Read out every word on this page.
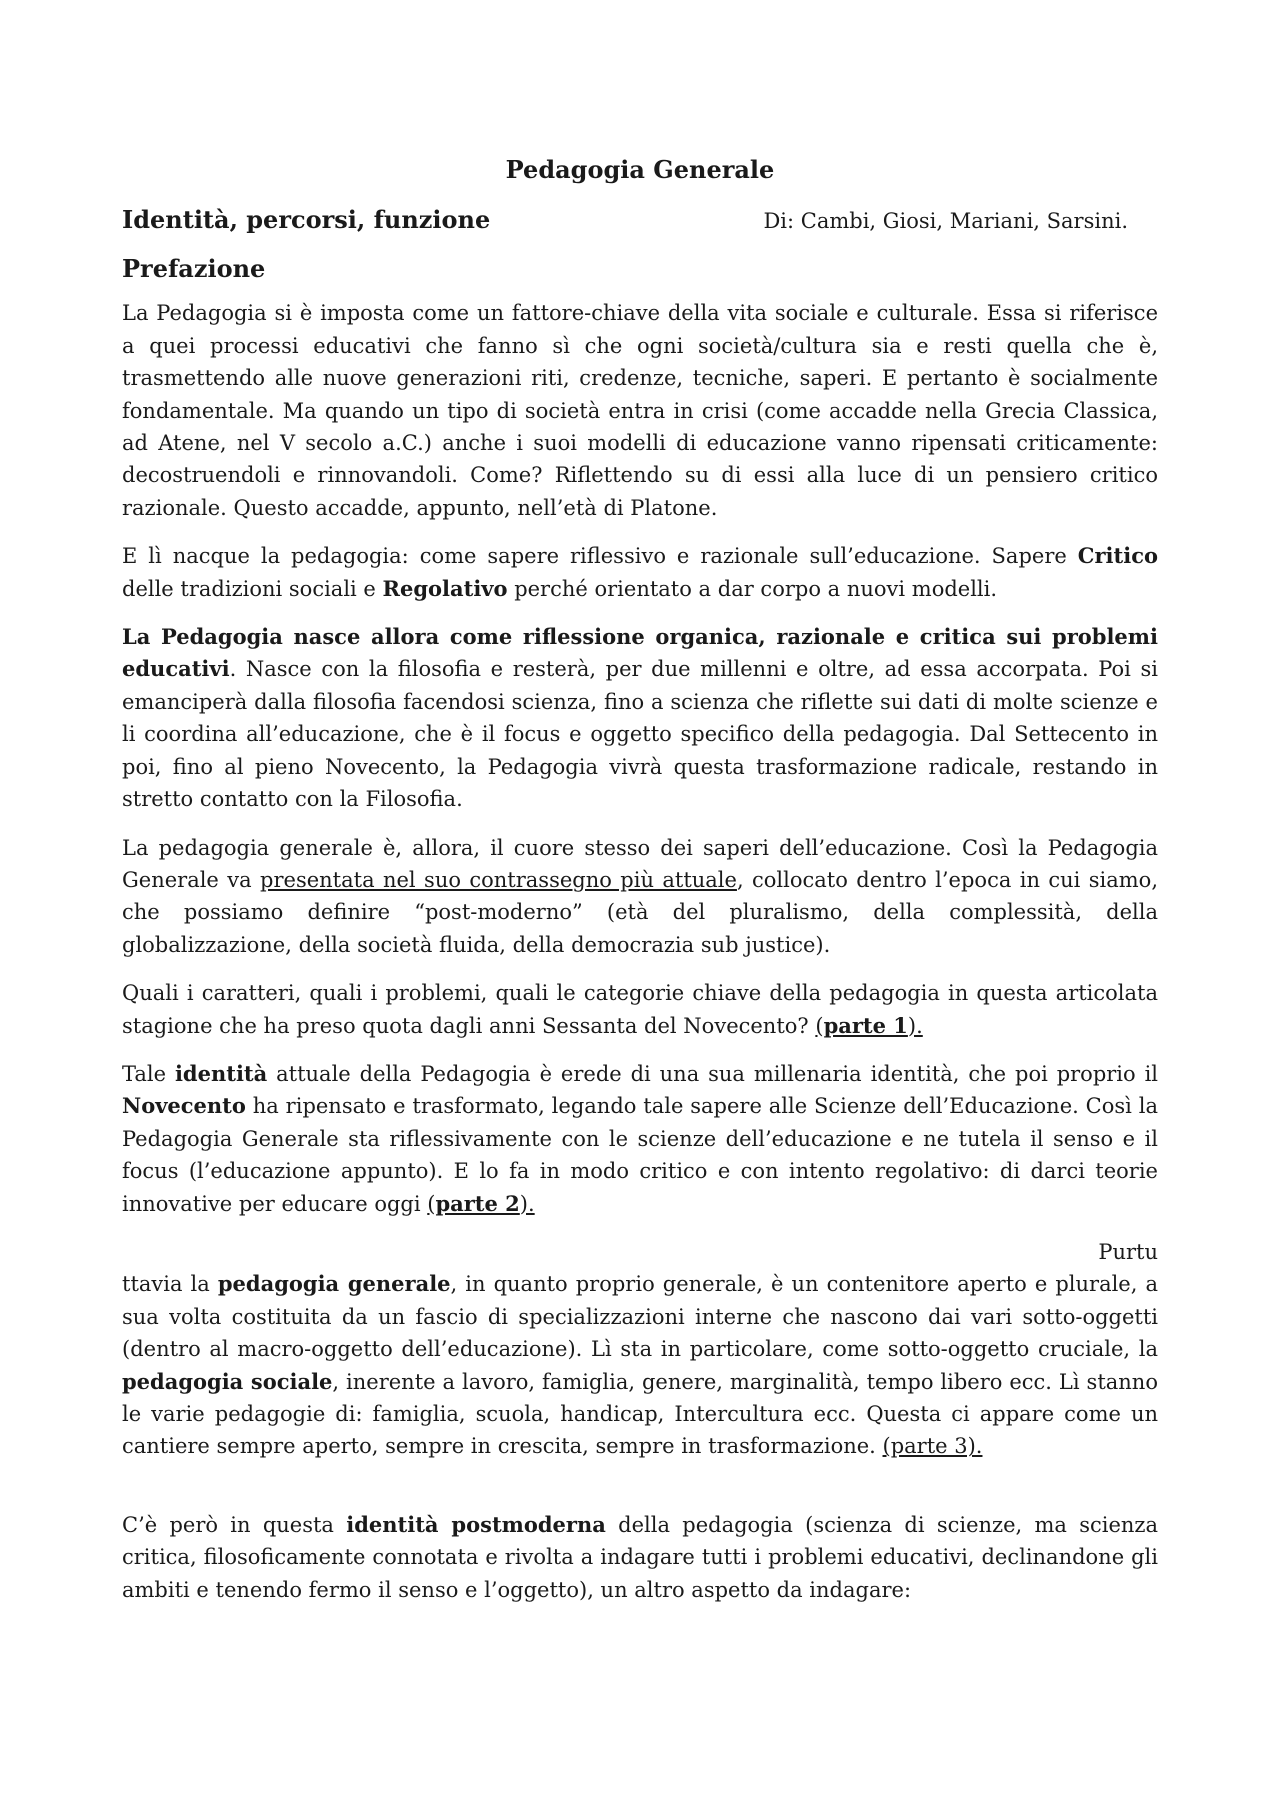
Pedagogia Generale
Identità, percorsi, funzione	Di: Cambi, Giosi, Mariani, Sarsini.
Prefazione

La Pedagogia si è imposta come un fattore-chiave della vita sociale e culturale. Essa si riferisce a quei processi educativi che fanno sì che ogni società/cultura sia e resti quella che è, trasmettendo alle nuove generazioni riti, credenze, tecniche, saperi. E pertanto è socialmente fondamentale. Ma quando un tipo di società entra in crisi (come accadde nella Grecia Classica, ad Atene, nel V secolo a.C.) anche i suoi modelli di educazione vanno ripensati criticamente: decostruendoli e rinnovandoli. Come? Riflettendo su di essi alla luce di un pensiero critico razionale. Questo accadde, appunto, nell’età di Platone.

E lì nacque la pedagogia: come sapere riflessivo e razionale sull’educazione. Sapere Critico delle tradizioni sociali e Regolativo perché orientato a dar corpo a nuovi modelli.

La Pedagogia nasce allora come riflessione organica, razionale e critica sui problemi educativi. Nasce con la filosofia e resterà, per due millenni e oltre, ad essa accorpata. Poi si emanciperà dalla filosofia facendosi scienza, fino a scienza che riflette sui dati di molte scienze e li coordina all’educazione, che è il focus e oggetto specifico della pedagogia. Dal Settecento in poi, fino al pieno Novecento, la Pedagogia vivrà questa trasformazione radicale, restando in stretto contatto con la Filosofia.

La pedagogia generale è, allora, il cuore stesso dei saperi dell’educazione. Così la Pedagogia Generale va presentata nel suo contrassegno più attuale, collocato dentro l’epoca in cui siamo, che possiamo definire “post-moderno” (età del pluralismo, della complessità, della globalizzazione, della società fluida, della democrazia sub justice).

Quali i caratteri, quali i problemi, quali le categorie chiave della pedagogia in questa articolata stagione che ha preso quota dagli anni Sessanta del Novecento? (parte 1).

Tale identità attuale della Pedagogia è erede di una sua millenaria identità, che poi proprio il Novecento ha ripensato e trasformato, legando tale sapere alle Scienze dell’Educazione. Così la Pedagogia Generale sta riflessivamente con le scienze dell’educazione e ne tutela il senso e il focus (l’educazione appunto). E lo fa in modo critico e con intento regolativo: di darci teorie innovative per educare oggi (parte 2).

Purtu

ttavia la pedagogia generale, in quanto proprio generale, è un contenitore aperto e plurale, a sua volta costituita da un fascio di specializzazioni interne che nascono dai vari sotto-oggetti (dentro al macro-oggetto dell’educazione). Lì sta in particolare, come sotto-oggetto cruciale, la pedagogia sociale, inerente a lavoro, famiglia, genere, marginalità, tempo libero ecc. Lì stanno le varie pedagogie di: famiglia, scuola, handicap, Intercultura ecc. Questa ci appare come un cantiere sempre aperto, sempre in crescita, sempre in trasformazione. (parte 3).

C’è però in questa identità postmoderna della pedagogia (scienza di scienze, ma scienza critica, filosoficamente connotata e rivolta a indagare tutti i problemi educativi, declinandone gli ambiti e tenendo fermo il senso e l’oggetto), un altro aspetto da indagare:
